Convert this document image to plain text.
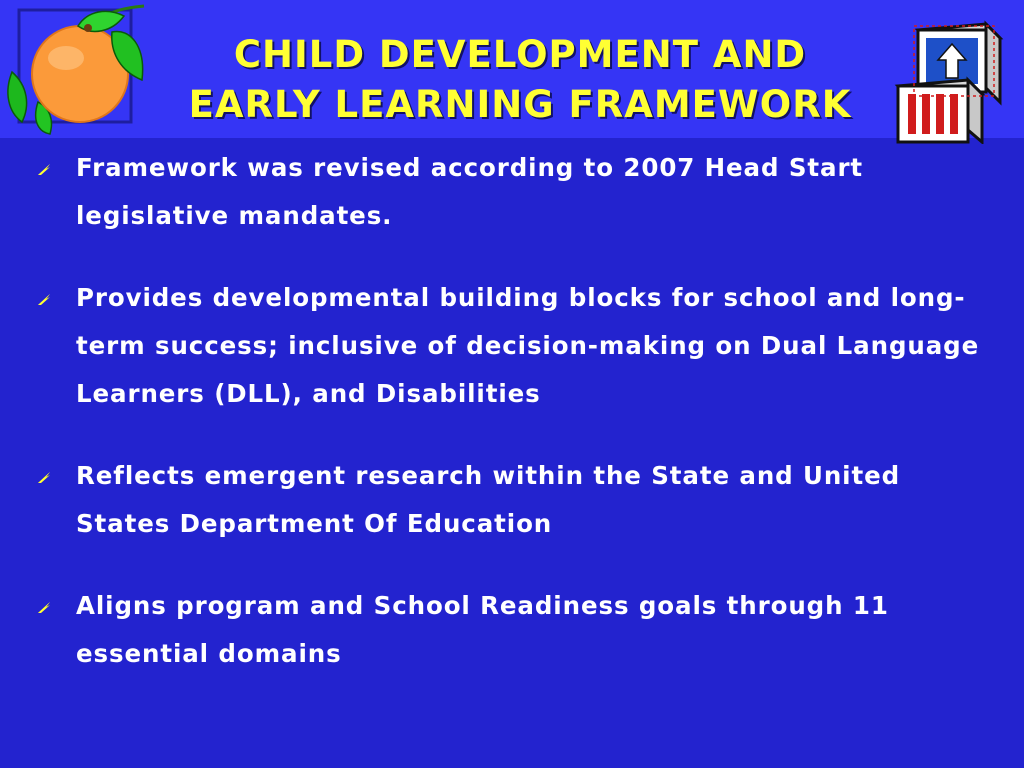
CHILD DEVELOPMENT AND
EARLY LEARNING FRAMEWORK
Framework was revised according to 2007 Head Start legislative mandates.
Provides developmental building blocks for school and long-term success; inclusive of decision-making on Dual Language Learners (DLL), and Disabilities
Reflects emergent research within the State and United States Department Of Education
Aligns program and School Readiness goals through 11 essential domains
